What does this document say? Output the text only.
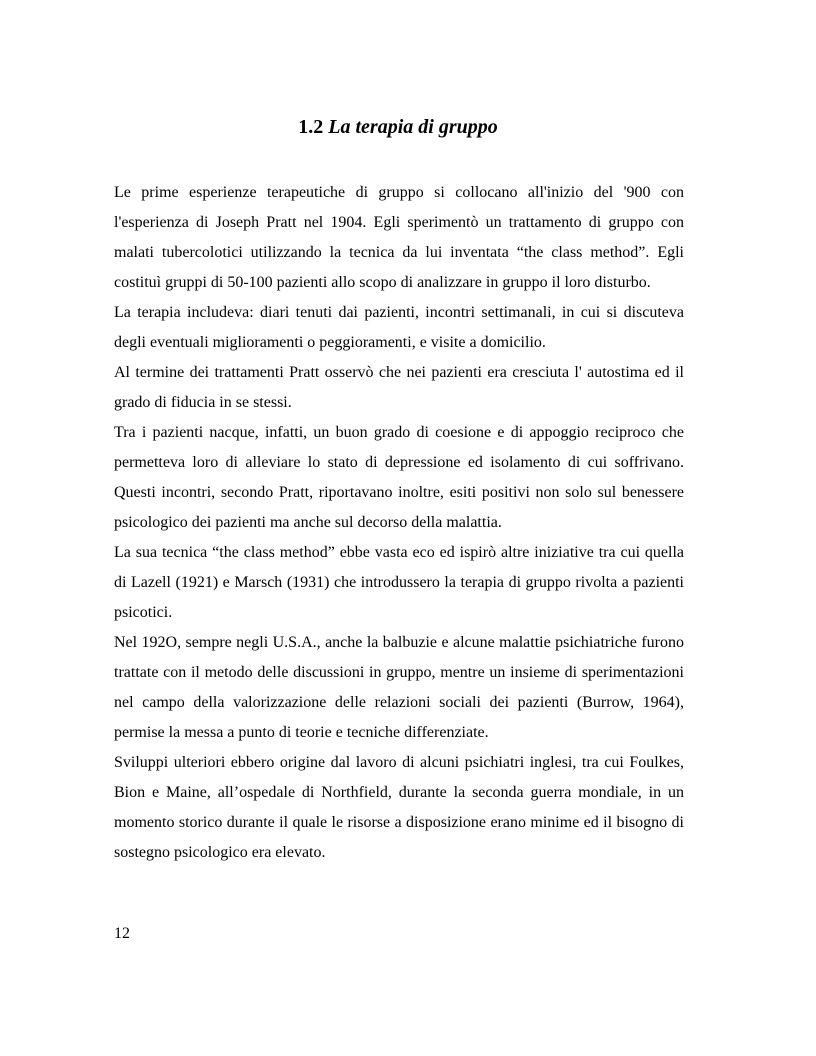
1.2 La terapia di gruppo

Le prime esperienze terapeutiche di gruppo si collocano all'inizio del '900 con l'esperienza di Joseph Pratt nel 1904. Egli sperimentò un trattamento di gruppo con malati tubercolotici utilizzando la tecnica da lui inventata “the class method”. Egli costituì gruppi di 50-100 pazienti allo scopo di analizzare in gruppo il loro disturbo.

La terapia includeva: diari tenuti dai pazienti, incontri settimanali, in cui si discuteva degli eventuali miglioramenti o peggioramenti, e visite a domicilio.

Al termine dei trattamenti Pratt osservò che nei pazienti era cresciuta l' autostima ed il grado di fiducia in se stessi.

Tra i pazienti nacque, infatti, un buon grado di coesione e di appoggio reciproco che permetteva loro di alleviare lo stato di depressione ed isolamento di cui soffrivano. Questi incontri, secondo Pratt, riportavano inoltre, esiti positivi non solo sul benessere psicologico dei pazienti ma anche sul decorso della malattia.

La sua tecnica “the class method” ebbe vasta eco ed ispirò altre iniziative tra cui quella di Lazell (1921) e Marsch (1931) che introdussero la terapia di gruppo rivolta a pazienti psicotici.

Nel 192O, sempre negli U.S.A., anche la balbuzie e alcune malattie psichiatriche furono trattate con il metodo delle discussioni in gruppo, mentre un insieme di sperimentazioni nel campo della valorizzazione delle relazioni sociali dei pazienti (Burrow, 1964), permise la messa a punto di teorie e tecniche differenziate.

Sviluppi ulteriori ebbero origine dal lavoro di alcuni psichiatri inglesi, tra cui Foulkes, Bion e Maine, all’ospedale di Northfield, durante la seconda guerra mondiale, in un momento storico durante il quale le risorse a disposizione erano minime ed il bisogno di sostegno psicologico era elevato.

12
